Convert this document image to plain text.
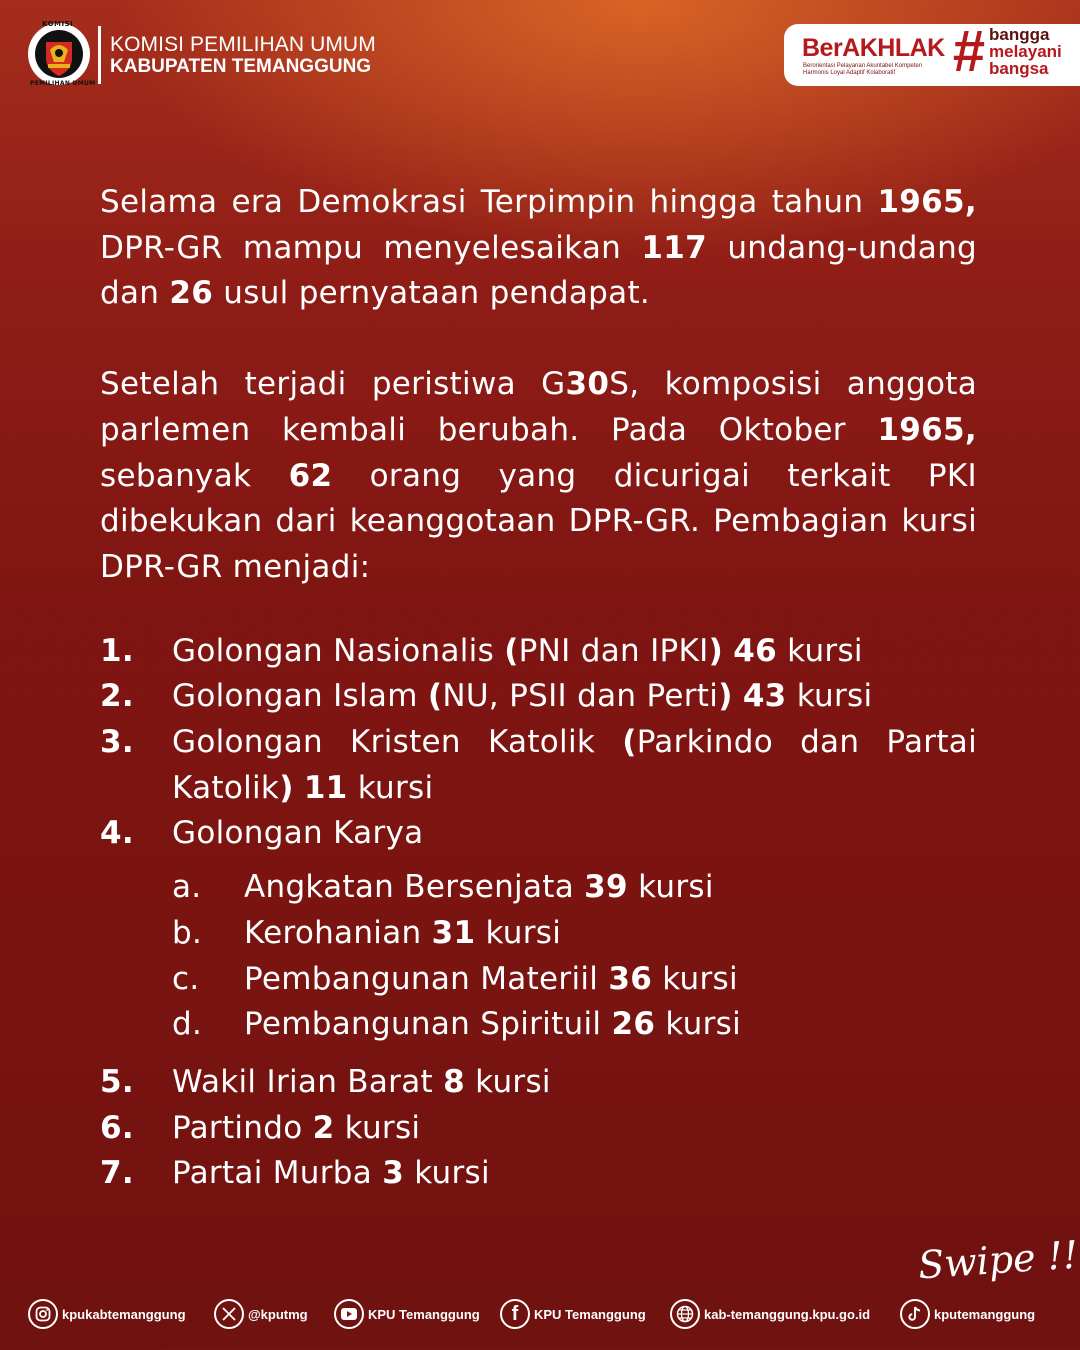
KOMISI
PEMILIHAN UMUM
KOMISI PEMILIHAN UMUM
KABUPATEN TEMANGGUNG
BerAKHLAK
Berorientasi Pelayanan Akuntabel Kompeten
Harmonis Loyal Adaptif Kolaboratif # bangga
melayani
bangsa

Selama era Demokrasi Terpimpin hingga tahun 1965, DPR-GR mampu menyelesaikan 117 undang-undang dan 26 usul pernyataan pendapat.

Setelah terjadi peristiwa G30S, komposisi anggota parlemen kembali berubah. Pada Oktober 1965, sebanyak 62 orang yang dicurigai terkait PKI dibekukan dari keanggotaan DPR-GR. Pembagian kursi DPR-GR menjadi:

1. Golongan Nasionalis (PNI dan IPKI) 46 kursi
2. Golongan Islam (NU, PSII dan Perti) 43 kursi
3. Golongan Kristen Katolik (Parkindo dan Partai Katolik) 11 kursi
4. Golongan Karya
a. Angkatan Bersenjata 39 kursi
b. Kerohanian 31 kursi
c. Pembangunan Materiil 36 kursi
d. Pembangunan Spirituil 26 kursi
5. Wakil Irian Barat 8 kursi
6. Partindo 2 kursi
7. Partai Murba 3 kursi
Swipe !!
kpukabtemanggung	@kputmg	KPU Temanggung	f	KPU Temanggung	kab-temanggung.kpu.go.id	kputemanggung
